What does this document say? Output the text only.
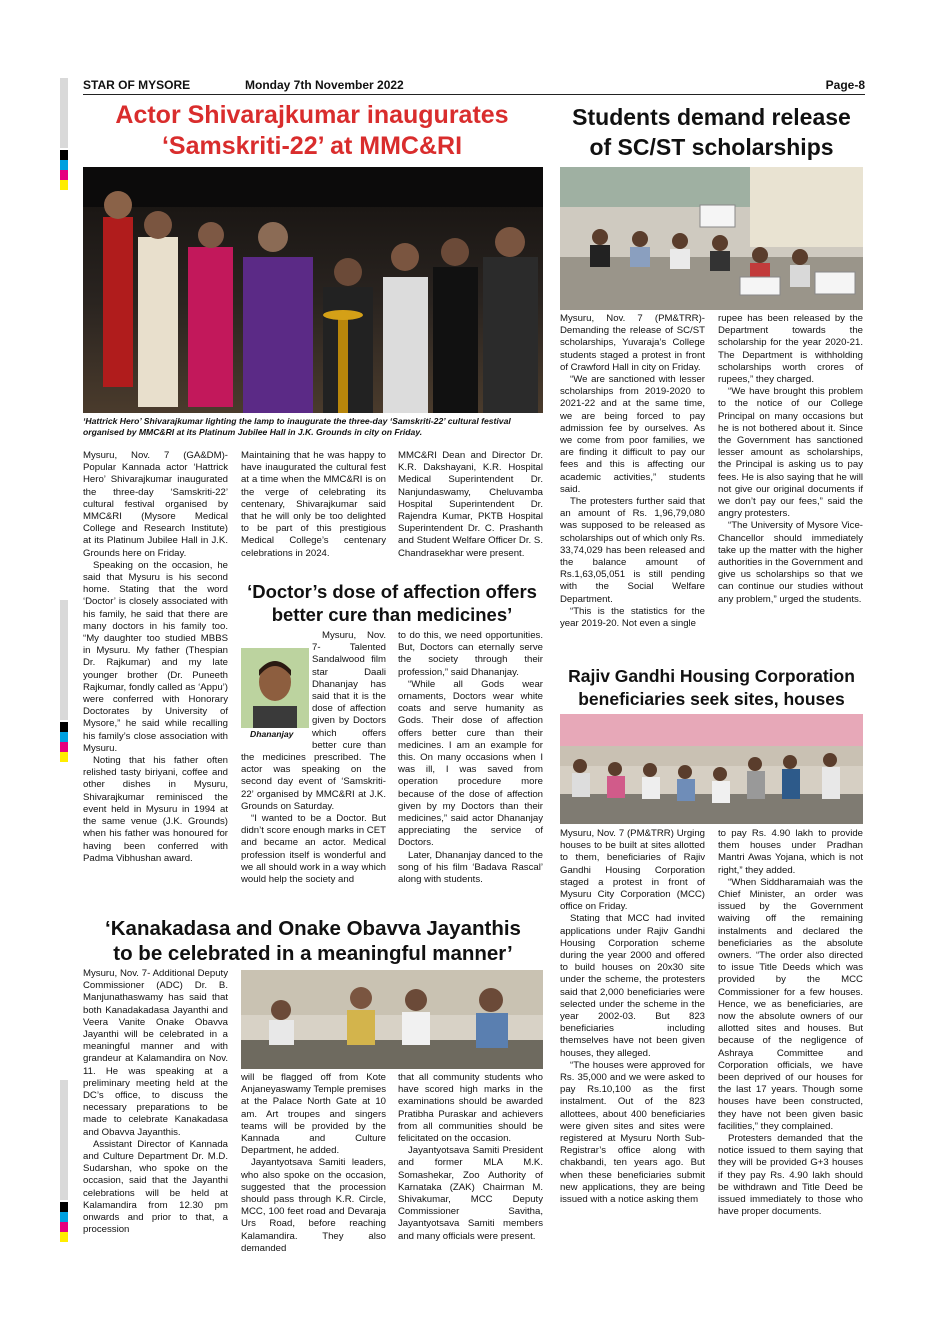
STAR OF MYSORE	Monday 7th November 2022	Page-8
Actor Shivarajkumar inaugurates
‘Samskriti-22’ at MMC&RI
‘Hattrick Hero’ Shivarajkumar lighting the lamp to inaugurate the three-day ‘Samskriti-22’ cultural festival organised by MMC&RI at its Platinum Jubilee Hall in J.K. Grounds in city on Friday.

Mysuru, Nov. 7 (GA&DM)- Popular Kannada actor ‘Hattrick Hero’ Shivarajkumar inaugurated the three-day ‘Samskriti-22’ cultural festival organised by MMC&RI (Mysore Medical College and Research Institute) at its Platinum Jubilee Hall in J.K. Grounds here on Friday.

Speaking on the occasion, he said that Mysuru is his second home. Stating that the word ‘Doctor’ is closely associated with his family, he said that there are many doctors in his family too. “My daughter too studied MBBS in Mysuru. My father (Thespian Dr. Rajkumar) and my late younger brother (Dr. Puneeth Rajkumar, fondly called as ‘Appu’) were conferred with Honorary Doctorates by University of Mysore,” he said while recalling his family’s close association with Mysuru.

Noting that his father often relished tasty biriyani, coffee and other dishes in Mysuru, Shivarajkumar reminisced the event held in Mysuru in 1994 at the same venue (J.K. Grounds) when his father was honoured for having been conferred with Padma Vibhushan award.

Maintaining that he was happy to have inaugurated the cultural fest at a time when the MMC&RI is on the verge of celebrating its centenary, Shivarajkumar said that he will only be too delighted to be part of this prestigious Medical College’s centenary celebrations in 2024.

MMC&RI Dean and Director Dr. K.R. Dakshayani, K.R. Hospital Medical Superintendent Dr. Nanjundaswamy, Cheluvamba Hospital Superintendent Dr. Rajendra Kumar, PKTB Hospital Superintendent Dr. C. Prashanth and Student Welfare Officer Dr. S. Chandrasekhar were present.

‘Doctor’s dose of affection offers
better cure than medicines’
Dhananjay

Mysuru, Nov. 7- Talented Sandalwood film star Daali Dhananjay has said that it is the dose of affection given by Doctors which offers better cure than the medicines prescribed. The actor was speaking on the second day event of ‘Samskriti-22’ organised by MMC&RI at J.K. Grounds on Saturday.

“I wanted to be a Doctor. But didn’t score enough marks in CET and became an actor. Medical profession itself is wonderful and we all should work in a way which would help the society and

to do this, we need opportunities. But, Doctors can eternally serve the society through their profession,” said Dhananjay.

“While all Gods wear ornaments, Doctors wear white coats and serve humanity as Gods. Their dose of affection offers better cure than their medicines. I am an example for this. On many occasions when I was ill, I was saved from operation procedure more because of the dose of affection given by my Doctors than their medicines,” said actor Dhananjay appreciating the service of Doctors.

Later, Dhananjay danced to the song of his film ‘Badava Rascal’ along with students.

‘Kanakadasa and Onake Obavva Jayanthis
to be celebrated in a meaningful manner’

Mysuru, Nov. 7- Additional Deputy Commissioner (ADC) Dr. B. Manjunathaswamy has said that both Kanadakadasa Jayanthi and Veera Vanite Onake Obavva Jayanthi will be celebrated in a meaningful manner and with grandeur at Kalamandira on Nov. 11. He was speaking at a preliminary meeting held at the DC’s office, to discuss the necessary preparations to be made to celebrate Kanakadasa and Obavva Jayanthis.

Assistant Director of Kannada and Culture Department Dr. M.D. Sudarshan, who spoke on the occasion, said that the Jayanthi celebrations will be held at Kalamandira from 12.30 pm onwards and prior to that, a procession

will be flagged off from Kote Anjaneyaswamy Temple premises at the Palace North Gate at 10 am. Art troupes and singers teams will be provided by the Kannada and Culture Department, he added.

Jayantyotsava Samiti leaders, who also spoke on the occasion, suggested that the procession should pass through K.R. Circle, MCC, 100 feet road and Devaraja Urs Road, before reaching Kalamandira. They also demanded

that all community students who have scored high marks in the examinations should be awarded Pratibha Puraskar and achievers from all communities should be felicitated on the occasion.

Jayantyotsava Samiti President and former MLA M.K. Somashekar, Zoo Authority of Karnataka (ZAK) Chairman M. Shivakumar, MCC Deputy Commissioner Savitha, Jayantyotsava Samiti members and many officials were present.

Students demand release
of SC/ST scholarships

Mysuru, Nov. 7 (PM&TRR)- Demanding the release of SC/ST scholarships, Yuvaraja’s College students staged a protest in front of Crawford Hall in city on Friday.

“We are sanctioned with lesser scholarships from 2019-2020 to 2021-22 and at the same time, we are being forced to pay admission fee by ourselves. As we come from poor families, we are finding it difficult to pay our fees and this is affecting our academic activities,” students said.

The protesters further said that an amount of Rs. 1,96,79,080 was supposed to be released as scholarships out of which only Rs. 33,74,029 has been released and the balance amount of Rs.1,63,05,051 is still pending with the Social Welfare Department.

“This is the statistics for the year 2019-20. Not even a single

rupee has been released by the Department towards the scholarship for the year 2020-21. The Department is withholding scholarships worth crores of rupees,” they charged.

“We have brought this problem to the notice of our College Principal on many occasions but he is not bothered about it. Since the Government has sanctioned lesser amount as scholarships, the Principal is asking us to pay fees. He is also saying that he will not give our original documents if we don’t pay our fees,” said the angry protesters.

“The University of Mysore Vice-Chancellor should immediately take up the matter with the higher authorities in the Government and give us scholarships so that we can continue our studies without any problem,” urged the students.

Rajiv Gandhi Housing Corporation
beneficiaries seek sites, houses

Mysuru, Nov. 7 (PM&TRR) Urging houses to be built at sites allotted to them, beneficiaries of Rajiv Gandhi Housing Corporation staged a protest in front of Mysuru City Corporation (MCC) office on Friday.

Stating that MCC had invited applications under Rajiv Gandhi Housing Corporation scheme during the year 2000 and offered to build houses on 20x30 site under the scheme, the protesters said that 2,000 beneficiaries were selected under the scheme in the year 2002-03. But 823 beneficiaries including themselves have not been given houses, they alleged.

“The houses were approved for Rs. 35,000 and we were asked to pay Rs.10,100 as the first instalment. Out of the 823 allottees, about 400 beneficiaries were given sites and sites were registered at Mysuru North Sub-Registrar’s office along with chakbandi, ten years ago. But when these beneficiaries submit new applications, they are being issued with a notice asking them

to pay Rs. 4.90 lakh to provide them houses under Pradhan Mantri Awas Yojana, which is not right,” they added.

“When Siddharamaiah was the Chief Minister, an order was issued by the Government waiving off the remaining instalments and declared the beneficiaries as the absolute owners. “The order also directed to issue Title Deeds which was provided by the MCC Commissioner for a few houses. Hence, we as beneficiaries, are now the absolute owners of our allotted sites and houses. But because of the negligence of Ashraya Committee and Corporation officials, we have been deprived of our houses for the last 17 years. Though some houses have been constructed, they have not been given basic facilities,” they complained.

Protesters demanded that the notice issued to them saying that they will be provided G+3 houses if they pay Rs. 4.90 lakh should be withdrawn and Title Deed be issued immediately to those who have proper documents.
